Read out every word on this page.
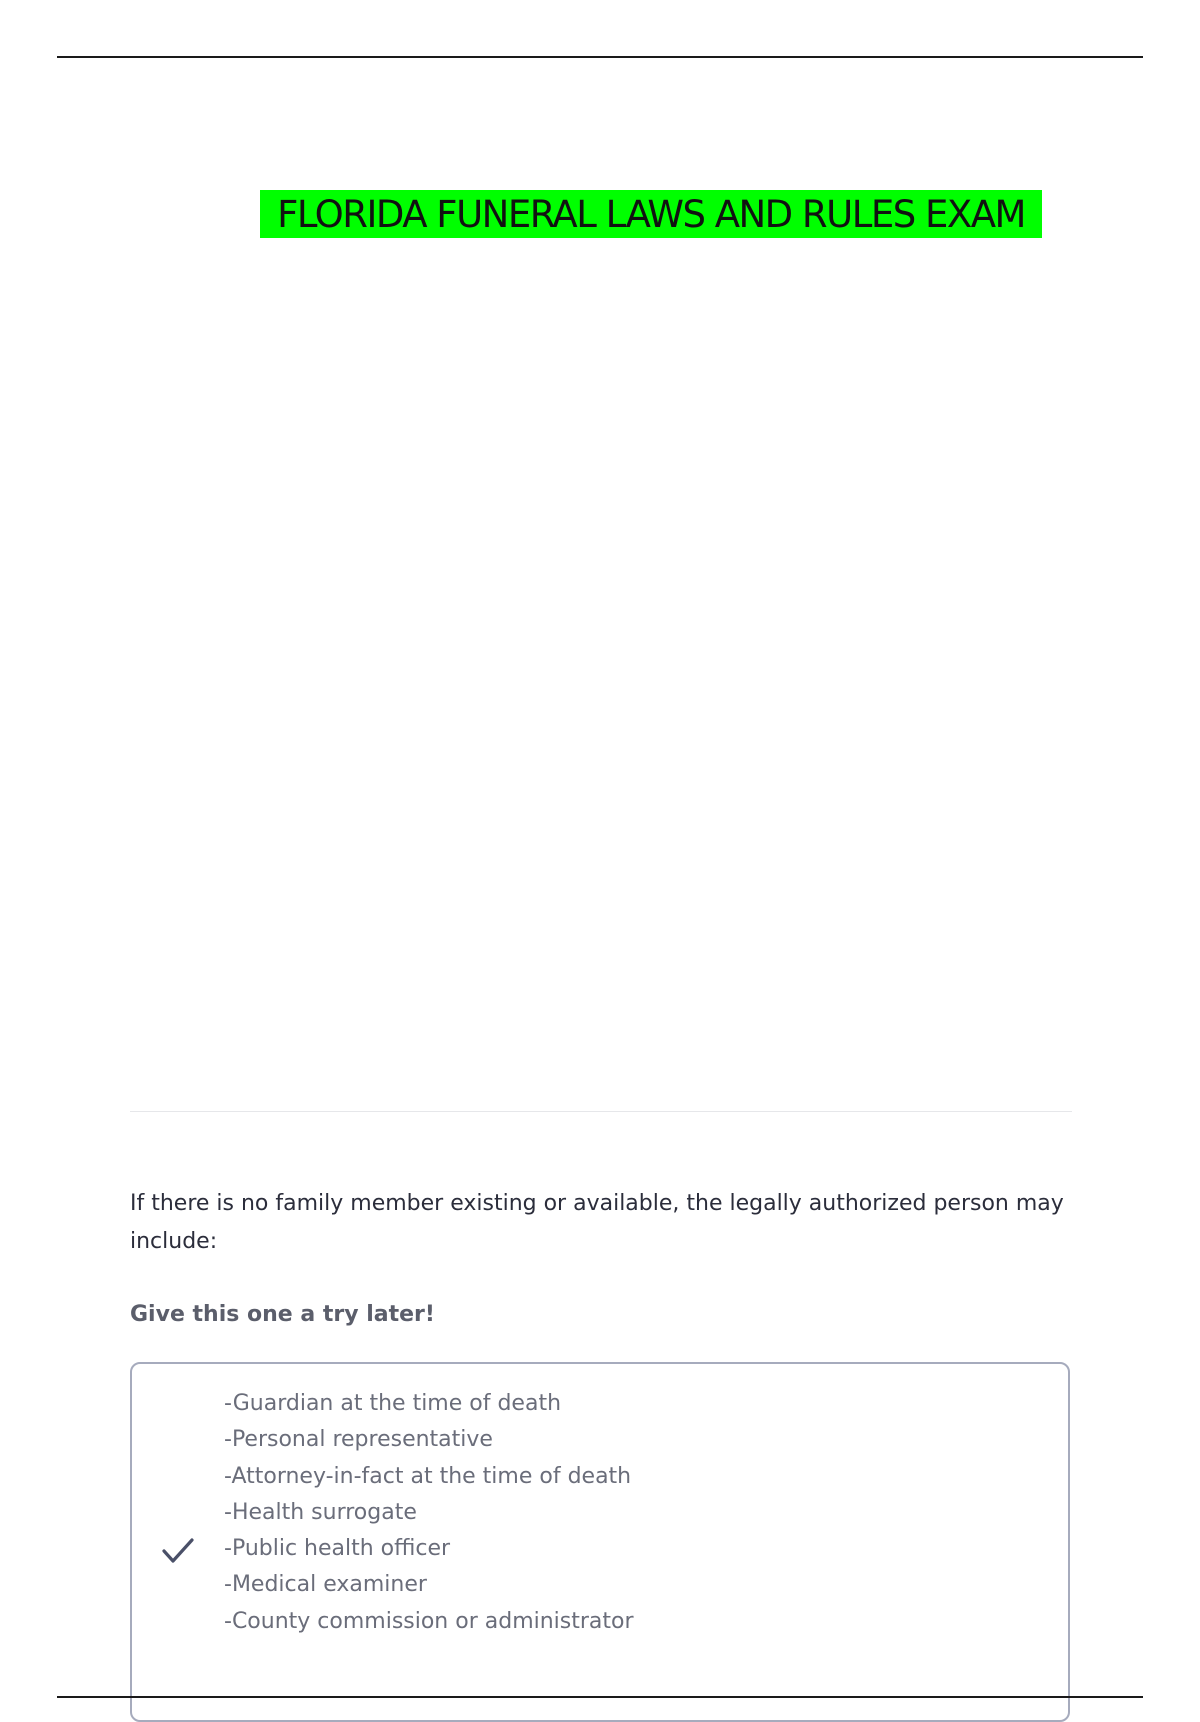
FLORIDA FUNERAL LAWS AND RULES EXAM
If there is no family member existing or available, the legally authorized person may include:
Give this one a try later!
-Guardian at the time of death
-Personal representative
-Attorney-in-fact at the time of death
-Health surrogate
-Public health officer
-Medical examiner
-County commission or administrator
